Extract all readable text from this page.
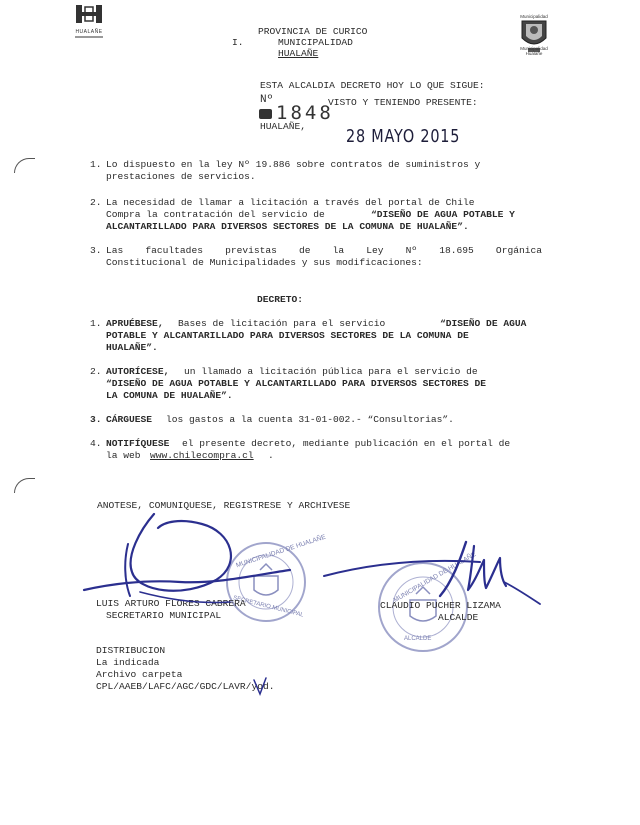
HUALAÑE	PROVINCIA DE CURICO
I.	MUNICIPALIDAD
HUALAÑE
Municipalidad
Municipalidad Hualañe
ESTA ALCALDIA DECRETO HOY LO QUE SIGUE:
Nº	VISTO Y TENIENDO PRESENTE:
1848
HUALAÑE, 28 MAYO 2015
1. Lo dispuesto en la ley Nº 19.886 sobre contratos de suministros y
prestaciones de servicios.
2. La necesidad de llamar a licitación a través del portal de Chile
Compra la contratación del servicio de	“DISEÑO DE AGUA POTABLE Y
ALCANTARILLADO PARA DIVERSOS SECTORES DE LA COMUNA DE HUALAÑE”.
3. Las facultades previstas de la Ley Nº 18.695 Orgánica
Constitucional de Municipalidades y sus modificaciones:
DECRETO:
1. APRUÉBESE, Bases de licitación para el servicio	“DISEÑO DE AGUA
POTABLE Y ALCANTARILLADO PARA DIVERSOS SECTORES DE LA COMUNA DE
HUALAÑE”.
2. AUTORÍCESE, un llamado a licitación pública para el servicio de
“DISEÑO DE AGUA POTABLE Y ALCANTARILLADO PARA DIVERSOS SECTORES DE
LA COMUNA DE HUALAÑE”.
3. CÁRGUESE los gastos a la cuenta 31-01-002.- “Consultorias”.
4. NOTIFÍQUESE el presente decreto, mediante publicación en el portal de
la web www.chilecompra.cl .
ANOTESE, COMUNIQUESE, REGISTRESE Y ARCHIVESE
MUNICIPALIDAD DE HUALAÑE
SECRETARIO MUNICIPAL
MUNICIPALIDAD DE HUALAÑE
ALCALDE
LUIS ARTURO FLORES CABRERA
SECRETARIO MUNICIPAL
CLAUDIO PUCHER LIZAMA
ALCALDE
DISTRIBUCION
La indicada
Archivo carpeta
CPL/AAEB/LAFC/AGC/GDC/LAVR/yod.
